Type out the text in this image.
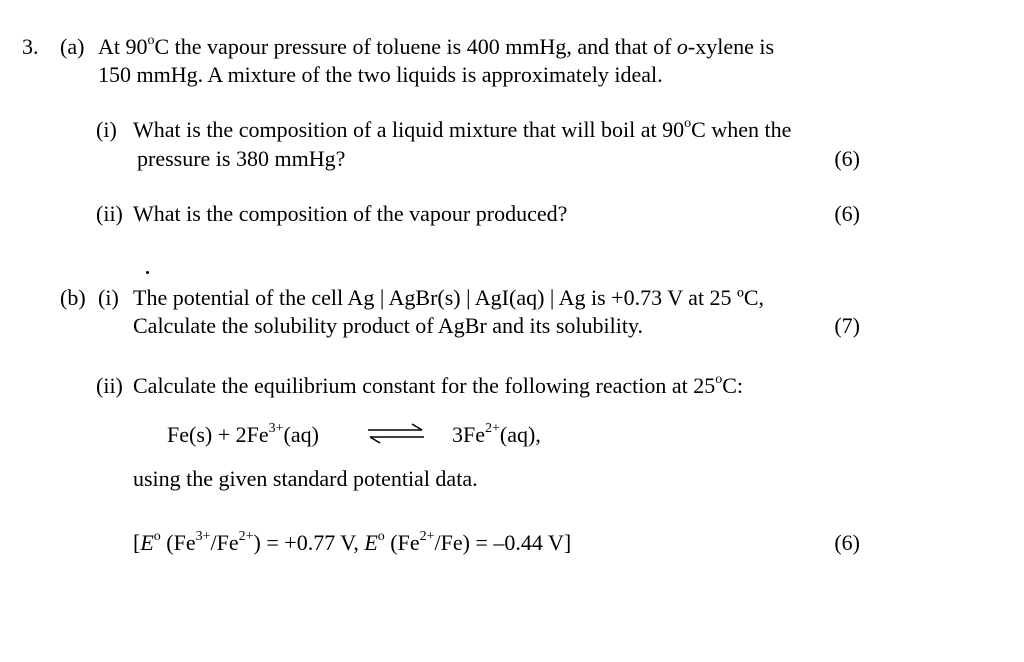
3. (a) At 90$^o$C the vapour pressure of toluene is 400 mmHg, and that of o-xylene is
150 mmHg. A mixture of the two liquids is approximately ideal.
(i) What is the composition of a liquid mixture that will boil at 90$^o$C when the
pressure is 380 mmHg?	(6)
(ii) What is the composition of the vapour produced?	(6)
(b) (i) The potential of the cell Ag | AgBr(s) | AgI(aq) | Ag is +0.73 V at 25 ºC,
Calculate the solubility product of AgBr and its solubility.	(7)
(ii) Calculate the equilibrium constant for the following reaction at 25$^o$C:
$Fe(s) + 2Fe^{3+}(aq)$ ⇌ $3Fe^{2+}(aq)$,
using the given standard potential data.
[$E^o$ $(Fe^{3+}/Fe^{2+}) = +0.77$ V, $E^o$ $(Fe^{2+}/Fe) = -0.44$ V]	(6)
